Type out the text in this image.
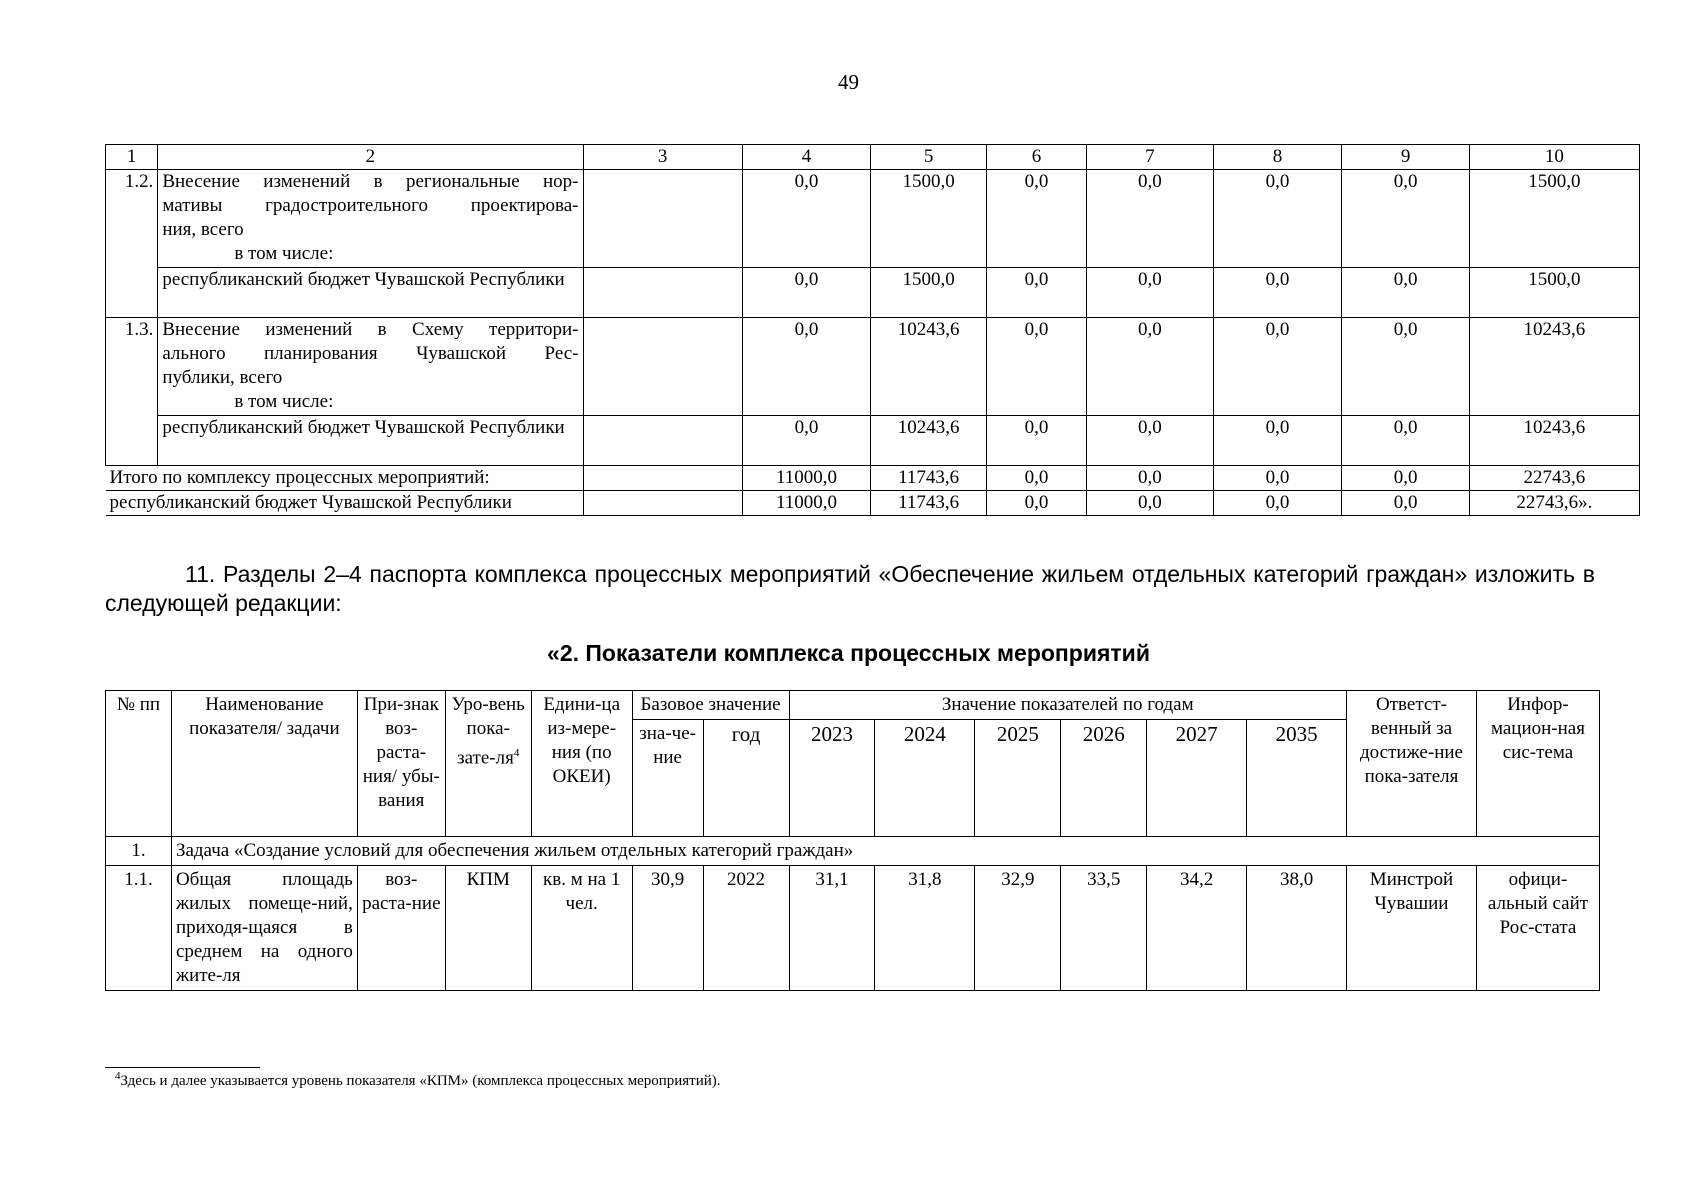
49
1	2	3	4	5	6	7	8	9	10
1.2.	Внесение изменений в региональные нор-
мативы градостроительного проектирова-
ния, всего
в том числе:		0,0	1500,0	0,0	0,0	0,0	0,0	1500,0
	республиканский бюджет Чувашской Республики		0,0	1500,0	0,0	0,0	0,0	0,0	1500,0
1.3.	Внесение изменений в Схему территори-
ального планирования Чувашской Рес-
публики, всего
в том числе:		0,0	10243,6	0,0	0,0	0,0	0,0	10243,6
	республиканский бюджет Чувашской Республики		0,0	10243,6	0,0	0,0	0,0	0,0	10243,6
Итого по комплексу процессных мероприятий:			11000,0	11743,6	0,0	0,0	0,0	0,0	22743,6
республиканский бюджет Чувашской Республики			11000,0	11743,6	0,0	0,0	0,0	0,0	22743,6».
11. Разделы 2–4 паспорта комплекса процессных мероприятий «Обеспечение жильем отдельных категорий граждан» изложить в следующей редакции:
«2. Показатели комплекса процессных мероприятий
№ пп	Наименование показателя/ задачи	При-знак воз-раста-ния/ убы-вания	Уро-вень пока-$зате-ля^4$	Едини-ца из-мере-ния (по ОКЕИ)	Базовое значение		Значение показателей по годам						Ответст-венный за достиже-ние пока-зателя	Инфор-мацион-ная сис-тема
					зна-че-ние	год	2023	2024	2025	2026	2027	2035		

1.	Задача «Создание условий для обеспечения жильем отдельных категорий граждан»													
1.1.	Общая площадь жилых помеще-ний, приходя-щаяся в среднем на одного жите-ля	воз-раста-ние	КПМ	кв. м на 1 чел.	30,9	2022	31,1	31,8	32,9	33,5	34,2	38,0	Минстрой Чувашии	офици-альный сайт Рос-стата
$^4$Здесь и далее указывается уровень показателя «КПМ» (комплекса процессных мероприятий).
